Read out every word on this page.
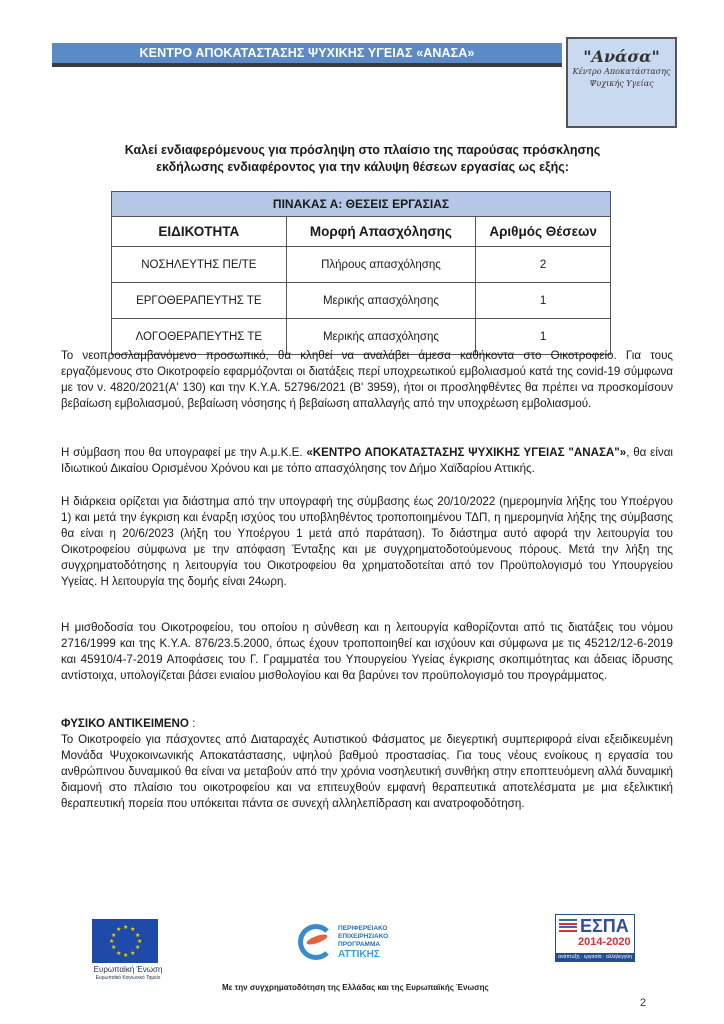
ΚΕΝΤΡΟ ΑΠΟΚΑΤΑΣΤΑΣΗΣ ΨΥΧΙΚΗΣ ΥΓΕΙΑΣ «ΑΝΑΣΑ»	"Ανάσα"
Κέντρο Αποκατάστασης
Ψυχικής Υγείας
Καλεί ενδιαφερόμενους για πρόσληψη στο πλαίσιο της παρούσας πρόσκλησης εκδήλωσης ενδιαφέροντος για την κάλυψη θέσεων εργασίας ως εξής:
ΠΙΝΑΚΑΣ Α: ΘΕΣΕΙΣ ΕΡΓΑΣΙΑΣ		
ΕΙΔΙΚΟΤΗΤΑ	Μορφή Απασχόλησης	Αριθμός Θέσεων
ΝΟΣΗΛΕΥΤΗΣ ΠΕ/ΤΕ	Πλήρους απασχόλησης	2
ΕΡΓΟΘΕΡΑΠΕΥΤΗΣ ΤΕ	Μερικής απασχόλησης	1
ΛΟΓΟΘΕΡΑΠΕΥΤΗΣ ΤΕ	Μερικής απασχόλησης	1
Το νεοπροσλαμβανόμενο προσωπικό, θα κληθεί να αναλάβει άμεσα καθήκοντα στο Οικοτροφείο. Για τους εργαζόμενους στο Οικοτροφείο εφαρμόζονται οι διατάξεις περί υποχρεωτικού εμβολιασμού κατά της covid-19 σύμφωνα με τον ν. 4820/2021(Α' 130) και την Κ.Υ.Α. 52796/2021 (Β' 3959), ήτοι οι προσληφθέντες θα πρέπει να προσκομίσουν βεβαίωση εμβολιασμού, βεβαίωση νόσησης ή βεβαίωση απαλλαγής από την υποχρέωση εμβολιασμού.
Η σύμβαση που θα υπογραφεί με την Α.μ.Κ.Ε. «ΚΕΝΤΡΟ ΑΠΟΚΑΤΑΣΤΑΣΗΣ ΨΥΧΙΚΗΣ ΥΓΕΙΑΣ "ΑΝΑΣΑ"», θα είναι Ιδιωτικού Δικαίου Ορισμένου Χρόνου και με τόπο απασχόλησης τον Δήμο Χαϊδαρίου Αττικής.
Η διάρκεια ορίζεται για διάστημα από την υπογραφή της σύμβασης έως 20/10/2022 (ημερομηνία λήξης του Υποέργου 1) και μετά την έγκριση και έναρξη ισχύος του υποβληθέντος τροποποιημένου ΤΔΠ, η ημερομηνία λήξης της σύμβασης θα είναι η 20/6/2023 (λήξη του Υποέργου 1 μετά από παράταση). Το διάστημα αυτό αφορά την λειτουργία του Οικοτροφείου σύμφωνα με την απόφαση Ένταξης και με συγχρηματοδοτούμενους πόρους. Μετά την λήξη της συγχρηματοδότησης η λειτουργία του Οικοτροφείου θα χρηματοδοτείται από τον Προϋπολογισμό του Υπουργείου Υγείας. Η λειτουργία της δομής είναι 24ωρη.
Η μισθοδοσία του Οικοτροφείου, του οποίου η σύνθεση και η λειτουργία καθορίζονται από τις διατάξεις του νόμου 2716/1999 και της Κ.Υ.Α. 876/23.5.2000, όπως έχουν τροποποιηθεί και ισχύουν και σύμφωνα με τις 45212/12-6-2019 και 45910/4-7-2019 Αποφάσεις του Γ. Γραμματέα του Υπουργείου Υγείας έγκρισης σκοπιμότητας και άδειας ίδρυσης αντίστοιχα, υπολογίζεται βάσει ενιαίου μισθολογίου και θα βαρύνει τον προϋπολογισμό του προγράμματος.
ΦΥΣΙΚΟ ΑΝΤΙΚΕΙΜΕΝΟ :
Το Οικοτροφείο για πάσχοντες από Διαταραχές Αυτιστικού Φάσματος με διεγερτική συμπεριφορά είναι εξειδικευμένη Μονάδα Ψυχοκοινωνικής Αποκατάστασης, υψηλού βαθμού προστασίας. Για τους νέους ενοίκους η εργασία του ανθρώπινου δυναμικού θα είναι να μεταβούν από την χρόνια νοσηλευτική συνθήκη στην εποπτευόμενη αλλά δυναμική διαμονή στο πλαίσιο του οικοτροφείου και να επιτευχθούν εμφανή θεραπευτικά αποτελέσματα με μια εξελικτική θεραπευτική πορεία που υπόκειται πάντα σε συνεχή αλληλεπίδραση και ανατροφοδότηση.
★ ★
★
★
★
★
★
★
★
★
★
★
Ευρωπαϊκή Ένωση
Ευρωπαϊκό Κοινωνικό Ταμείο
ΠΕΡΙΦΕΡΕΙΑΚΟ
ΕΠΙΧΕΙΡΗΣΙΑΚΟ
ΠΡΟΓΡΑΜΜΑ
ΑΤΤΙΚΗΣ
ΕΣΠΑ
2014-2020
ανάπτυξη · εργασία · αλληλεγγύη
Με την συγχρηματοδότηση της Ελλάδας και της Ευρωπαϊκής Ένωσης
2
